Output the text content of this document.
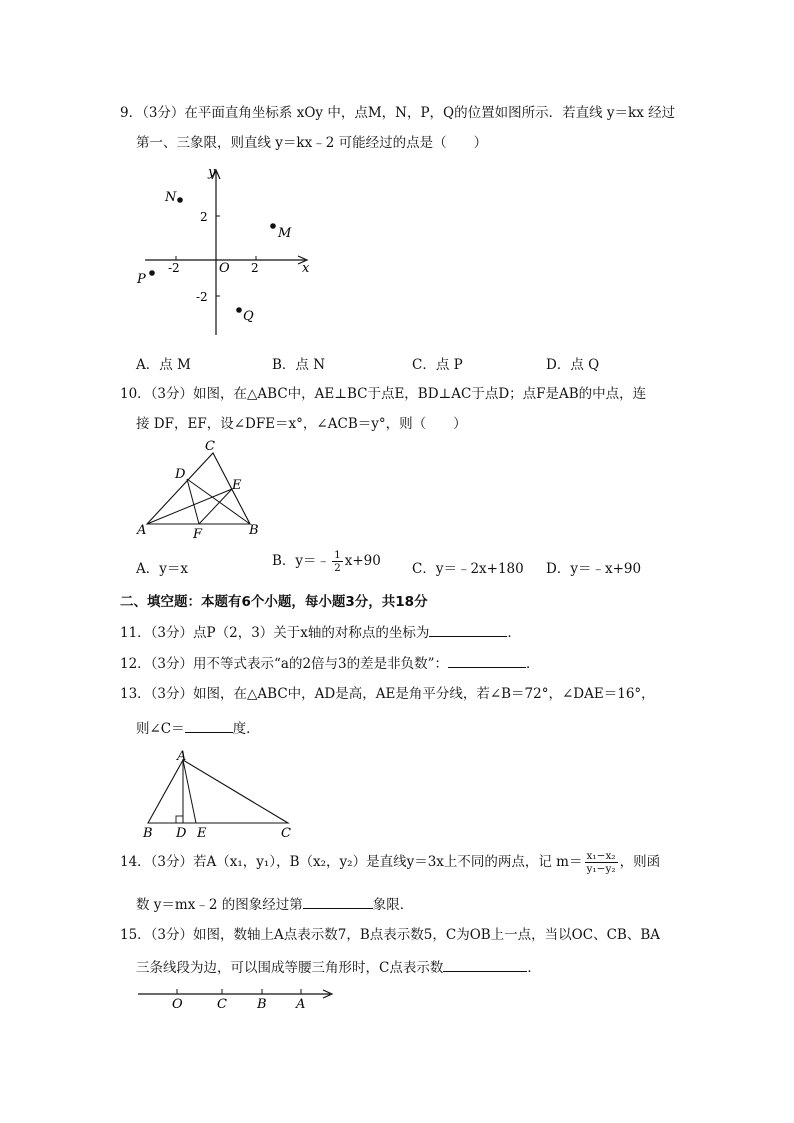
9．（3分）在平面直角坐标系 xOy 中，点M，N，P，Q的位置如图所示．若直线 y＝kx 经过
第一、三象限，则直线 y＝kx﹣2 可能经过的点是（　　）
y
x
O
2
-2
2
-2
N
M
P
Q
A．点 M	B．点 N	C．点 P	D．点 Q
10．（3分）如图，在△ABC中，AE⊥BC于点E，BD⊥AC于点D；点F是AB的中点，连
接 DF，EF，设∠DFE＝x°，∠ACB＝y°，则（　　）
C
D
E
A	F	B
A．y＝x	B．y＝﹣ $\frac{1}{2} x+90$ C．y＝﹣2x+180 D．y＝﹣x+90
二、填空题：本题有6个小题，每小题3分，共18分
11．（3分）点P（2，3）关于x轴的对称点的坐标为	．
12．（3分）用不等式表示“a的2倍与3的差是非负数”：	．
13．（3分）如图，在△ABC中，AD是高，AE是角平分线，若∠B＝72°，∠DAE＝16°，
则∠C＝	度．
A
B D E	C
14．（3分）若A（x₁，y₁），B（x₂，y₂）是直线y＝3x上不同的两点，记 $m= \frac{\text{x₁−x₂}}{\text{y₁−y₂}}$ ，则函
数 y＝mx﹣2 的图象经过第	象限．
15．（3分）如图，数轴上A点表示数7，B点表示数5，C为OB上一点，当以OC、CB、BA
三条线段为边，可以围成等腰三角形时，C点表示数	．
O	C B A
